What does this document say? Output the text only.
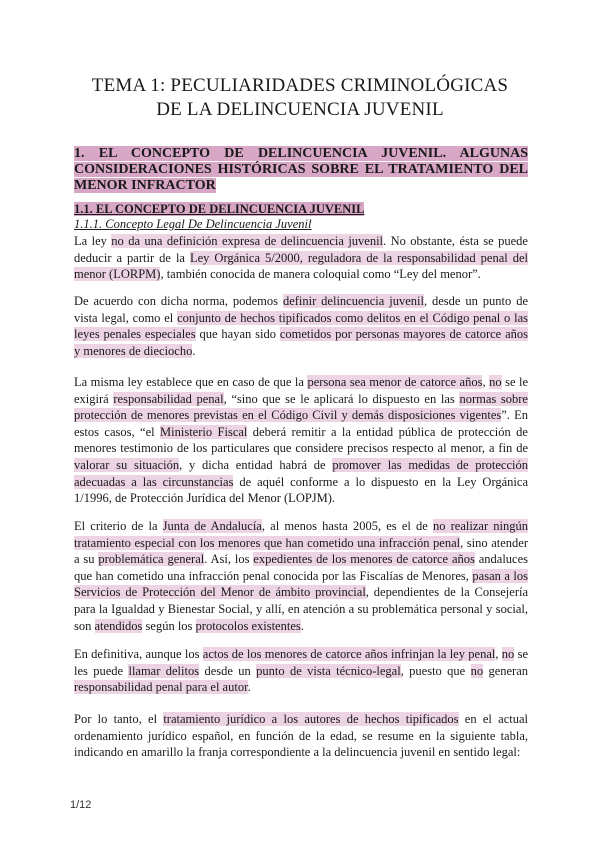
TEMA 1: PECULIARIDADES CRIMINOLÓGICAS
DE LA DELINCUENCIA JUVENIL
1. EL CONCEPTO DE DELINCUENCIA JUVENIL. ALGUNAS CONSIDERACIONES HISTÓRICAS SOBRE EL TRATAMIENTO DEL MENOR INFRACTOR
1.1. EL CONCEPTO DE DELINCUENCIA JUVENIL
1.1.1. Concepto Legal De Delincuencia Juvenil

La ley no da una definición expresa de delincuencia juvenil. No obstante, ésta se puede deducir a partir de la Ley Orgánica 5/2000, reguladora de la responsabilidad penal del menor (LORPM), también conocida de manera coloquial como “Ley del menor”.

De acuerdo con dicha norma, podemos definir delincuencia juvenil, desde un punto de vista legal, como el conjunto de hechos tipificados como delitos en el Código penal o las leyes penales especiales que hayan sido cometidos por personas mayores de catorce años y menores de dieciocho.

La misma ley establece que en caso de que la persona sea menor de catorce años, no se le exigirá responsabilidad penal, “sino que se le aplicará lo dispuesto en las normas sobre protección de menores previstas en el Código Civil y demás disposiciones vigentes”. En estos casos, “el Ministerio Fiscal deberá remitir a la entidad pública de protección de menores testimonio de los particulares que considere precisos respecto al menor, a fin de valorar su situación, y dicha entidad habrá de promover las medidas de protección adecuadas a las circunstancias de aquél conforme a lo dispuesto en la Ley Orgánica 1/1996, de Protección Jurídica del Menor (LOPJM).

El criterio de la Junta de Andalucía, al menos hasta 2005, es el de no realizar ningún tratamiento especial con los menores que han cometido una infracción penal, sino atender a su problemática general. Así, los expedientes de los menores de catorce años andaluces que han cometido una infracción penal conocida por las Fiscalías de Menores, pasan a los Servicios de Protección del Menor de ámbito provincial, dependientes de la Consejería para la Igualdad y Bienestar Social, y allí, en atención a su problemática personal y social, son atendidos según los protocolos existentes.

En definitiva, aunque los actos de los menores de catorce años infrinjan la ley penal, no se les puede llamar delitos desde un punto de vista técnico-legal, puesto que no generan responsabilidad penal para el autor.

Por lo tanto, el tratamiento jurídico a los autores de hechos tipificados en el actual ordenamiento jurídico español, en función de la edad, se resume en la siguiente tabla, indicando en amarillo la franja correspondiente a la delincuencia juvenil en sentido legal:

1/12
